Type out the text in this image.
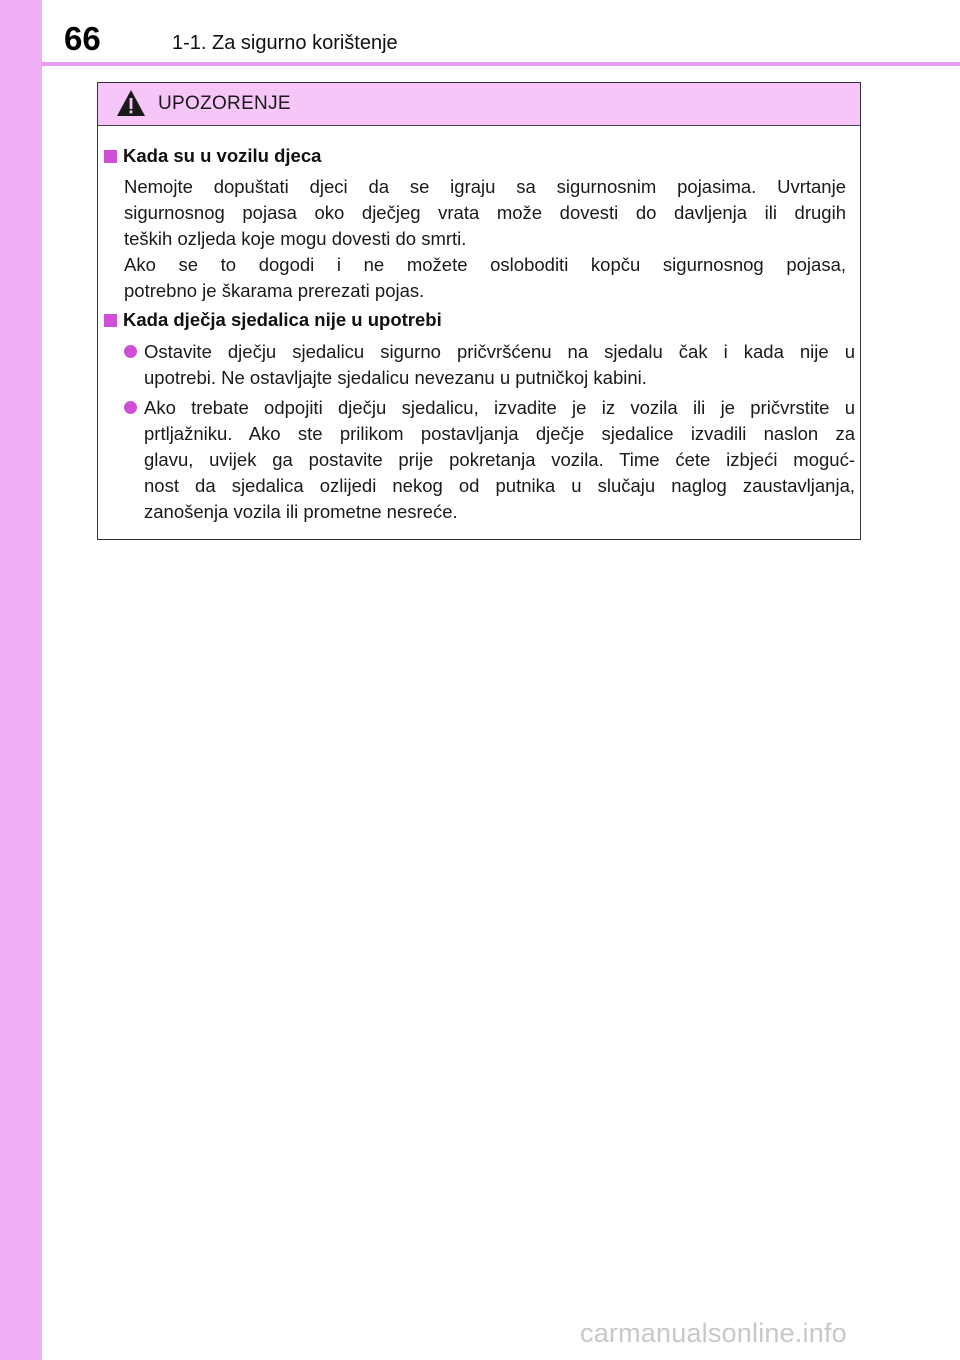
66	1-1. Za sigurno korištenje
UPOZORENJE
Kada su u vozilu djeca
Nemojte dopuštati djeci da se igraju sa sigurnosnim pojasima. Uvrtanje
sigurnosnog pojasa oko dječjeg vrata može dovesti do davljenja ili drugih
teških ozljeda koje mogu dovesti do smrti.
Ako se to dogodi i ne možete osloboditi kopču sigurnosnog pojasa,
potrebno je škarama prerezati pojas.
Kada dječja sjedalica nije u upotrebi
Ostavite dječju sjedalicu sigurno pričvršćenu na sjedalu čak i kada nije u
upotrebi. Ne ostavljajte sjedalicu nevezanu u putničkoj kabini.
Ako trebate odpojiti dječju sjedalicu, izvadite je iz vozila ili je pričvrstite u
prtljažniku. Ako ste prilikom postavljanja dječje sjedalice izvadili naslon za
glavu, uvijek ga postavite prije pokretanja vozila. Time ćete izbjeći moguć-
nost da sjedalica ozlijedi nekog od putnika u slučaju naglog zaustavljanja,
zanošenja vozila ili prometne nesreće.
carmanualsonline.info
